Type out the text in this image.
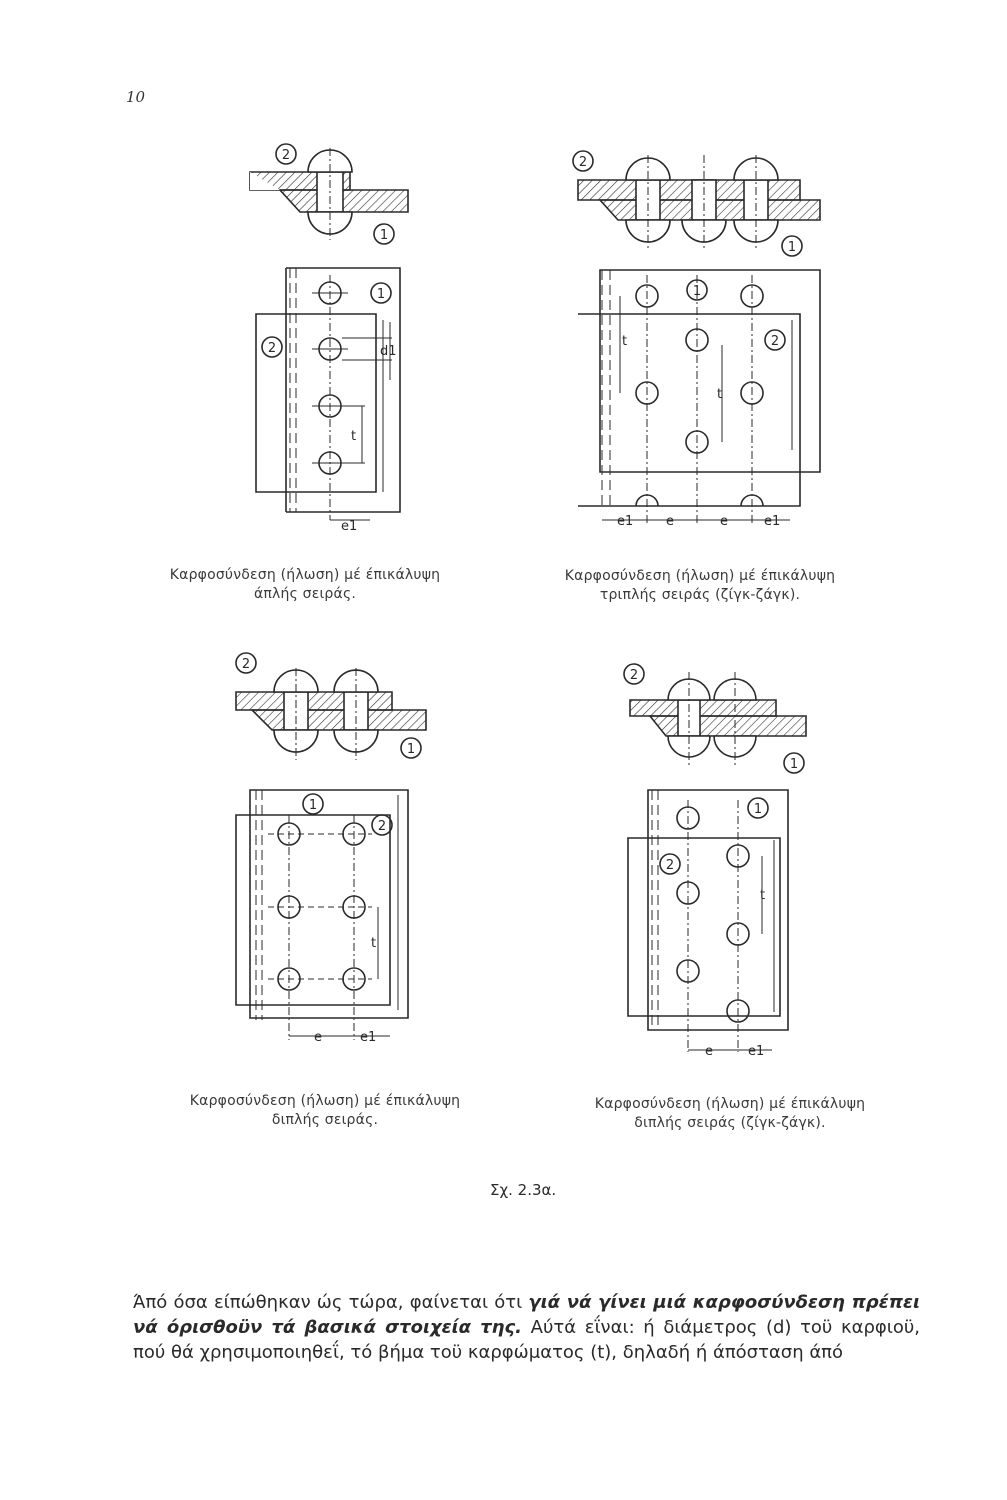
10
2
1
1
2	d1
t
e1
2
1
1
2
t
t
e1	e	e	e1
2
1
1
2
t
e	e1
2
1
1
2
t
e	e1
Καρφοσύνδεση (ήλωση) μέ έπικάλυψη
άπλής σειράς.
Καρφοσύνδεση (ήλωση) μέ έπικάλυψη
τριπλής σειράς (ζίγκ-ζάγκ).
Καρφοσύνδεση (ήλωση) μέ έπικάλυψη
διπλής σειράς.
Καρφοσύνδεση (ήλωση) μέ έπικάλυψη
διπλής σειράς (ζίγκ-ζάγκ).
Σχ. 2.3α.
Άπό όσα είπώθηκαν ώς τώρα, φαίνεται ότι γιά νά γίνει μιά καρφοσύνδεση πρέπει νά όρισθοϋν τά βασικά στοιχεία της. Αύτά εΐναι: ή διάμετρος (d) τοϋ καρφιοϋ, πού θά χρησιμοποιηθεΐ, τό βήμα τοϋ καρφώματος (t), δηλαδή ή άπόσταση άπό
